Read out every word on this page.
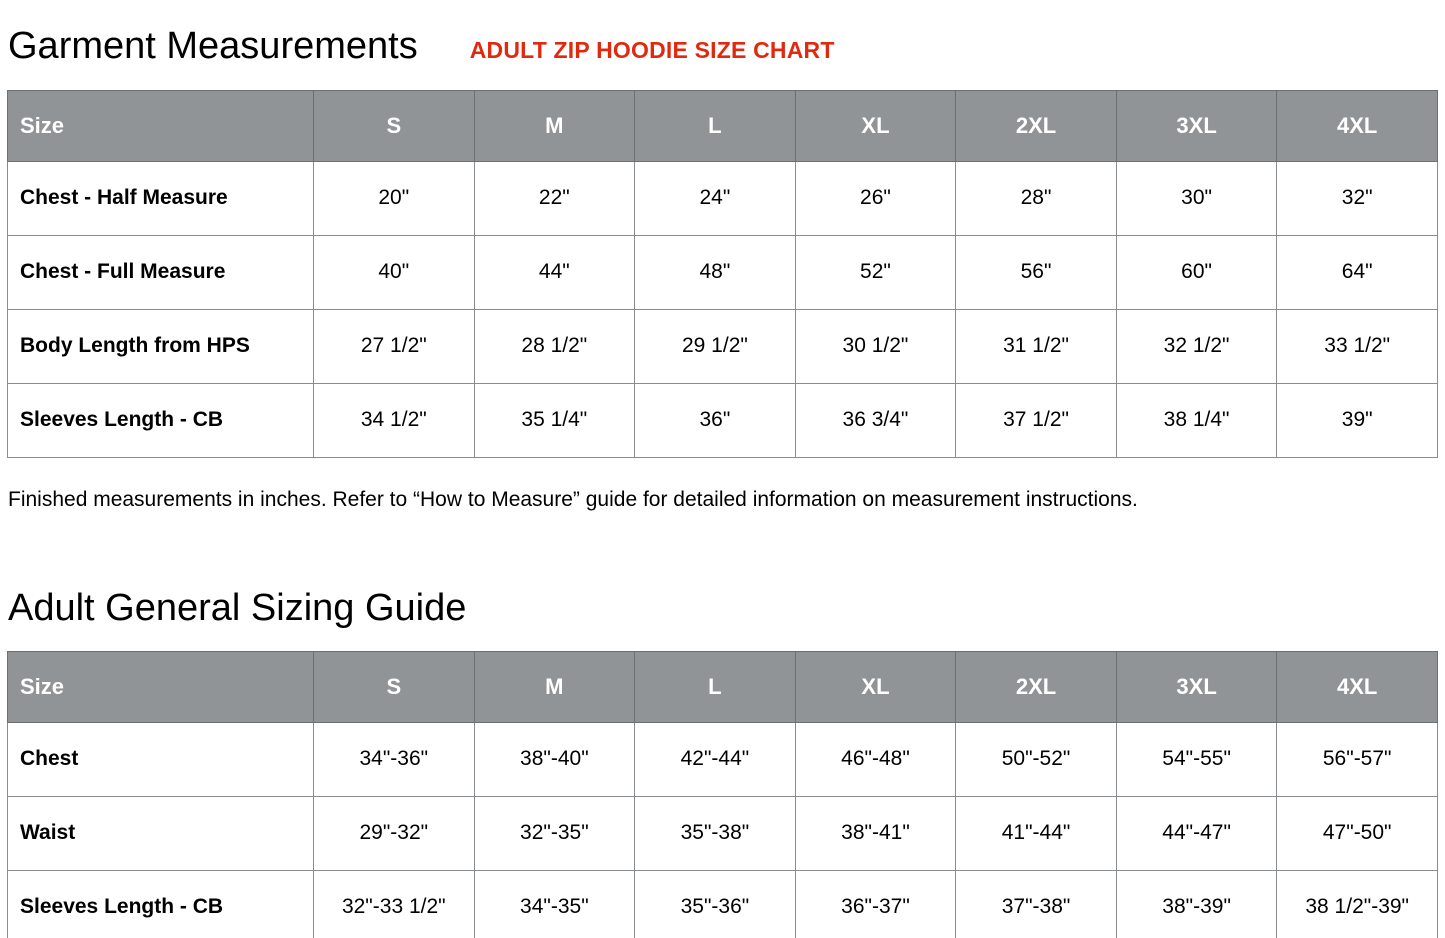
Garment Measurements ADULT ZIP HOODIE SIZE CHART
Size	S	M	L	XL	2XL	3XL	4XL
Chest - Half Measure	20"	22"	24"	26"	28"	30"	32"
Chest - Full Measure	40"	44"	48"	52"	56"	60"	64"
Body Length from HPS	27 1/2"	28 1/2"	29 1/2"	30 1/2"	31 1/2"	32 1/2"	33 1/2"
Sleeves Length - CB	34 1/2"	35 1/4"	36"	36 3/4"	37 1/2"	38 1/4"	39"

Finished measurements in inches. Refer to “How to Measure” guide for detailed information on measurement instructions.

Adult General Sizing Guide
Size	S	M	L	XL	2XL	3XL	4XL
Chest	34"-36"	38"-40"	42"-44"	46"-48"	50"-52"	54"-55"	56"-57"
Waist	29"-32"	32"-35"	35"-38"	38"-41"	41"-44"	44"-47"	47"-50"
Sleeves Length - CB	32"-33 1/2"	34"-35"	35"-36"	36"-37"	37"-38"	38"-39"	38 1/2"-39"
